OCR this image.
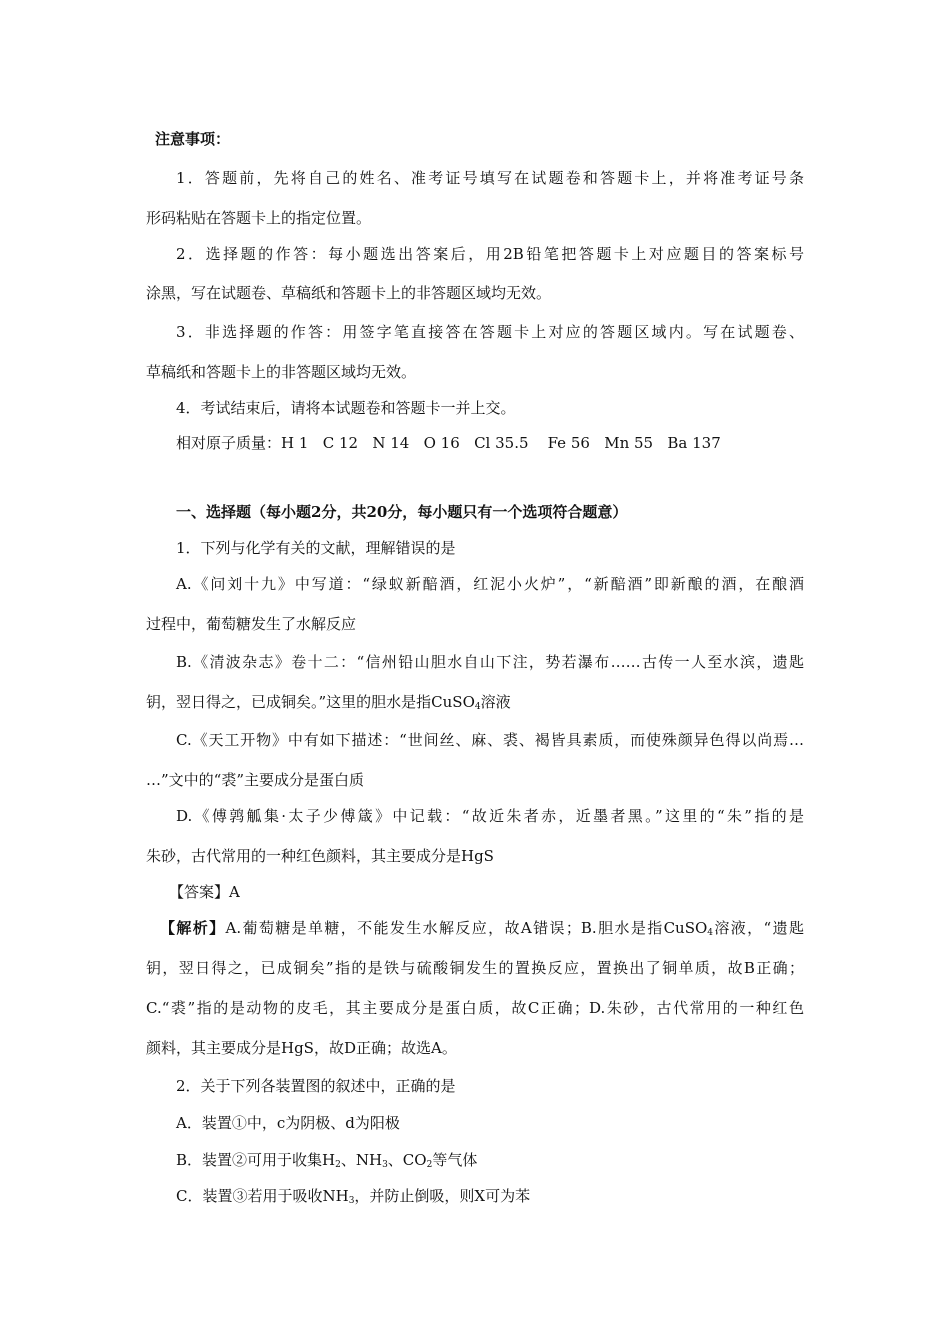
注意事项：
1．答题前，先将自己的姓名、准考证号填写在试题卷和答题卡上，并将准考证号条
形码粘贴在答题卡上的指定位置。
2．选择题的作答：每小题选出答案后，用2B铅笔把答题卡上对应题目的答案标号
涂黑，写在试题卷、草稿纸和答题卡上的非答题区域均无效。
3．非选择题的作答：用签字笔直接答在答题卡上对应的答题区域内。写在试题卷、
草稿纸和答题卡上的非答题区域均无效。
4．考试结束后，请将本试题卷和答题卡一并上交。
相对原子质量：H 1   C 12   N 14   O 16   Cl 35.5    Fe 56   Mn 55   Ba 137
一、选择题（每小题2分，共20分，每小题只有一个选项符合题意）
1．下列与化学有关的文献，理解错误的是
A.《问刘十九》中写道：“绿蚁新醅酒，红泥小火炉”，“新醅酒”即新酿的酒，在酿酒
过程中，葡萄糖发生了水解反应
B.《清波杂志》卷十二：“信州铅山胆水自山下注，势若瀑布……古传一人至水滨，遗匙
钥，翌日得之，已成铜矣。”这里的胆水是指CuSO$_4$溶液
C.《天工开物》中有如下描述：“世间丝、麻、裘、褐皆具素质，而使殊颜异色得以尚焉…
…”文中的“裘”主要成分是蛋白质
D.《傅鹑觚集·太子少傅箴》中记载：“故近朱者赤，近墨者黑。”这里的“朱”指的是
朱砂，古代常用的一种红色颜料，其主要成分是HgS
【答案】A
【解析】A.葡萄糖是单糖，不能发生水解反应，故A错误；B.胆水是指CuSO$_4$溶液，“遗匙
钥，翌日得之，已成铜矣”指的是铁与硫酸铜发生的置换反应，置换出了铜单质，故B正确；
C.“裘”指的是动物的皮毛，其主要成分是蛋白质，故C正确；D.朱砂，古代常用的一种红色
颜料，其主要成分是HgS，故D正确；故选A。
2．关于下列各装置图的叙述中，正确的是
A．装置①中，c为阴极、d为阳极
B．装置②可用于收集$H_2$、$NH_3$、$CO_2$等气体
C．装置③若用于吸收$NH_3$，并防止倒吸，则X可为苯
